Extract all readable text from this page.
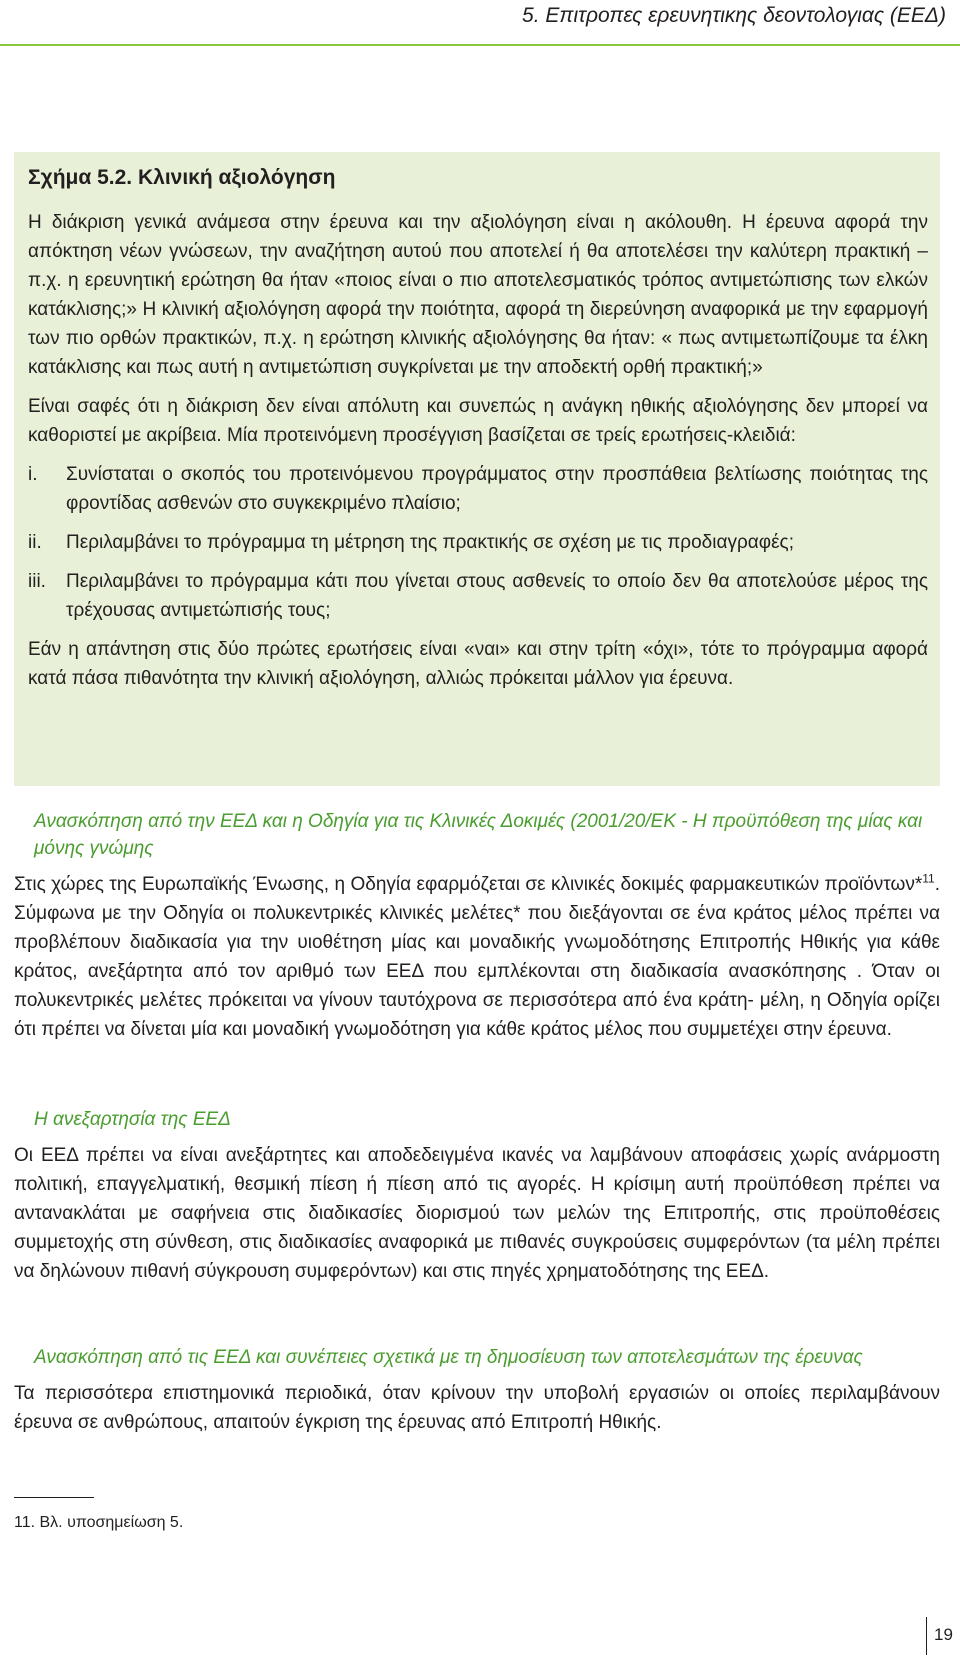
5. Επιτροπες ερευνητικης δεοντολογιας (ΕΕΔ)
Σχήμα 5.2. Κλινική αξιολόγηση

Η διάκριση γενικά ανάμεσα στην έρευνα και την αξιολόγηση είναι η ακόλουθη. Η έρευνα αφορά την απόκτηση νέων γνώσεων, την αναζήτηση αυτού που αποτελεί ή θα αποτελέσει την καλύτερη πρακτική – π.χ. η ερευνητική ερώτηση θα ήταν «ποιος είναι ο πιο αποτελεσματικός τρόπος αντιμετώπισης των ελκών κατάκλισης;» Η κλινική αξιολόγηση αφορά την ποιότητα, αφορά τη διερεύνηση αναφορικά με την εφαρμογή των πιο ορθών πρακτικών, π.χ. η ερώτηση κλινικής αξιολόγησης θα ήταν: « πως αντιμετωπίζουμε τα έλκη κατάκλισης και πως αυτή η αντιμετώπιση συγκρίνεται με την αποδεκτή ορθή πρακτική;»

Είναι σαφές ότι η διάκριση δεν είναι απόλυτη και συνεπώς η ανάγκη ηθικής αξιολόγησης δεν μπορεί να καθοριστεί με ακρίβεια. Μία προτεινόμενη προσέγγιση βασίζεται σε τρείς ερωτήσεις-κλειδιά:

i.	Συνίσταται ο σκοπός του προτεινόμενου προγράμματος στην προσπάθεια βελτίωσης ποιότητας της φροντίδας ασθενών στο συγκεκριμένο πλαίσιο;
ii.	Περιλαμβάνει το πρόγραμμα τη μέτρηση της πρακτικής σε σχέση με τις προδιαγραφές;
iii.	Περιλαμβάνει το πρόγραμμα κάτι που γίνεται στους ασθενείς το οποίο δεν θα αποτελούσε μέρος της τρέχουσας αντιμετώπισής τους;

Εάν η απάντηση στις δύο πρώτες ερωτήσεις είναι «ναι» και στην τρίτη «όχι», τότε το πρόγραμμα αφορά κατά πάσα πιθανότητα την κλινική αξιολόγηση, αλλιώς πρόκειται μάλλον για έρευνα.

Ανασκόπηση από την ΕΕΔ και η Οδηγία για τις Κλινικές Δοκιμές (2001/20/ΕΚ - Η προϋπόθεση της μίας και μόνης γνώμης

Στις χώρες της Ευρωπαϊκής Ένωσης, η Οδηγία εφαρμόζεται σε κλινικές δοκιμές φαρμακευτικών προϊόντων*$^{11}$. Σύμφωνα με την Οδηγία οι πολυκεντρικές κλινικές μελέτες* που διεξάγονται σε ένα κράτος μέλος πρέπει να προβλέπουν διαδικασία για την υιοθέτηση μίας και μοναδικής γνωμοδότησης Επιτροπής Ηθικής για κάθε κράτος, ανεξάρτητα από τον αριθμό των ΕΕΔ που εμπλέκονται στη διαδικασία ανασκόπησης . Όταν οι πολυκεντρικές μελέτες πρόκειται να γίνουν ταυτόχρονα σε περισσότερα από ένα κράτη- μέλη, η Οδηγία ορίζει ότι πρέπει να δίνεται μία και μοναδική γνωμοδότηση για κάθε κράτος μέλος που συμμετέχει στην έρευνα.

Η ανεξαρτησία της ΕΕΔ

Οι ΕΕΔ πρέπει να είναι ανεξάρτητες και αποδεδειγμένα ικανές να λαμβάνουν αποφάσεις χωρίς ανάρμοστη πολιτική, επαγγελματική, θεσμική πίεση ή πίεση από τις αγορές. Η κρίσιμη αυτή προϋπόθεση πρέπει να αντανακλάται με σαφήνεια στις διαδικασίες διορισμού των μελών της Επιτροπής, στις προϋποθέσεις συμμετοχής στη σύνθεση, στις διαδικασίες αναφορικά με πιθανές συγκρούσεις συμφερόντων (τα μέλη πρέπει να δηλώνουν πιθανή σύγκρουση συμφερόντων) και στις πηγές χρηματοδότησης της ΕΕΔ.

Ανασκόπηση από τις ΕΕΔ και συνέπειες σχετικά με τη δημοσίευση των αποτελεσμάτων της έρευνας

Τα περισσότερα επιστημονικά περιοδικά, όταν κρίνουν την υποβολή εργασιών οι οποίες περιλαμβάνουν έρευνα σε ανθρώπους, απαιτούν έγκριση της έρευνας από Επιτροπή Ηθικής.

11. Βλ. υποσημείωση 5.
19
